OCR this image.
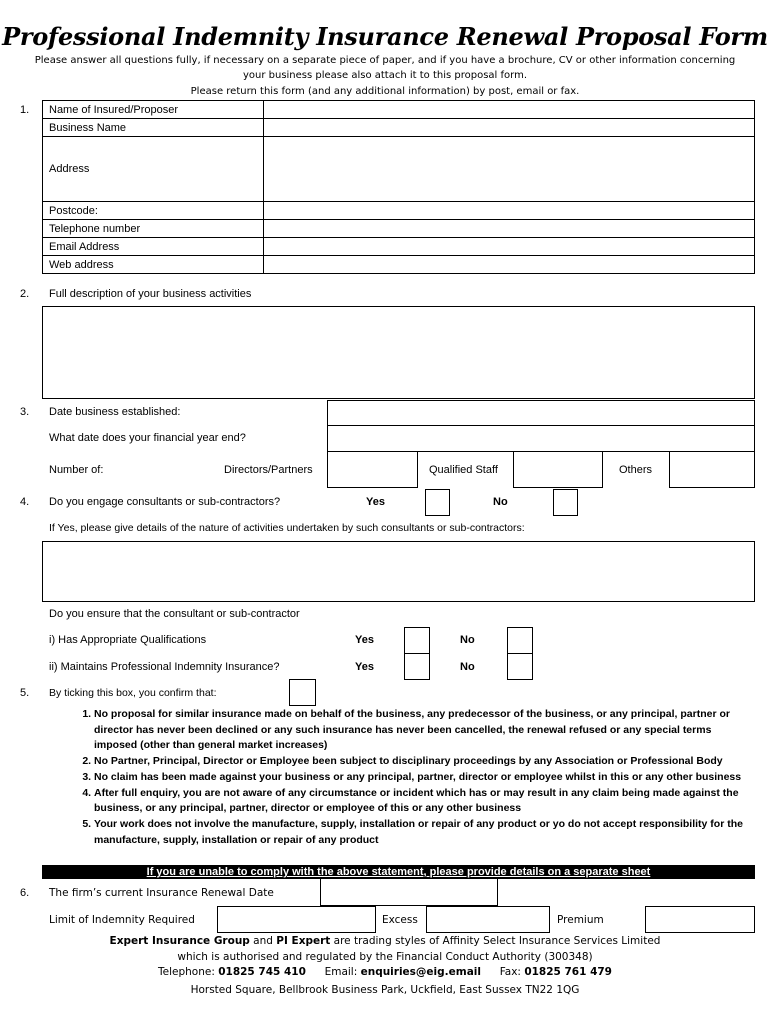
Professional Indemnity Insurance Renewal Proposal Form
Please answer all questions fully, if necessary on a separate piece of paper, and if you have a brochure, CV or other information concerning
your business please also attach it to this proposal form.
Please return this form (and any additional information) by post, email or fax.
1. Name of Insured/Proposer	
Business Name	
Address	
Postcode:	
Telephone number	
Email Address	
Web address	
2. Full description of your business activities
3. Date business established:
What date does your financial year end?
Number of:	Directors/Partners	Qualified Staff	Others
4. Do you engage consultants or sub-contractors?	Yes	No
If Yes, please give details of the nature of activities undertaken by such consultants or sub-contractors:
Do you ensure that the consultant or sub-contractor
i) Has Appropriate Qualifications	Yes	No
ii) Maintains Professional Indemnity Insurance?	Yes	No
5. By ticking this box, you confirm that:
1. No proposal for similar insurance made on behalf of the business, any predecessor of the business, or any principal, partner or director has never been declined or any such insurance has never been cancelled, the renewal refused or any special terms imposed (other than general market increases)
2. No Partner, Principal, Director or Employee been subject to disciplinary proceedings by any Association or Professional Body
3. No claim has been made against your business or any principal, partner, director or employee whilst in this or any other business
4. After full enquiry, you are not aware of any circumstance or incident which has or may result in any claim being made against the business, or any principal, partner, director or employee of this or any other business
5. Your work does not involve the manufacture, supply, installation or repair of any product or yo do not accept responsibility for the manufacture, supply, installation or repair of any product
If you are unable to comply with the above statement, please provide details on a separate sheet
6. The firm’s current Insurance Renewal Date
Limit of Indemnity Required	Excess	Premium
Expert Insurance Group and PI Expert are trading styles of Affinity Select Insurance Services Limited
which is authorised and regulated by the Financial Conduct Authority (300348)
Telephone: 01825 745 410 Email: enquiries@eig.email Fax: 01825 761 479
Horsted Square, Bellbrook Business Park, Uckfield, East Sussex TN22 1QG
